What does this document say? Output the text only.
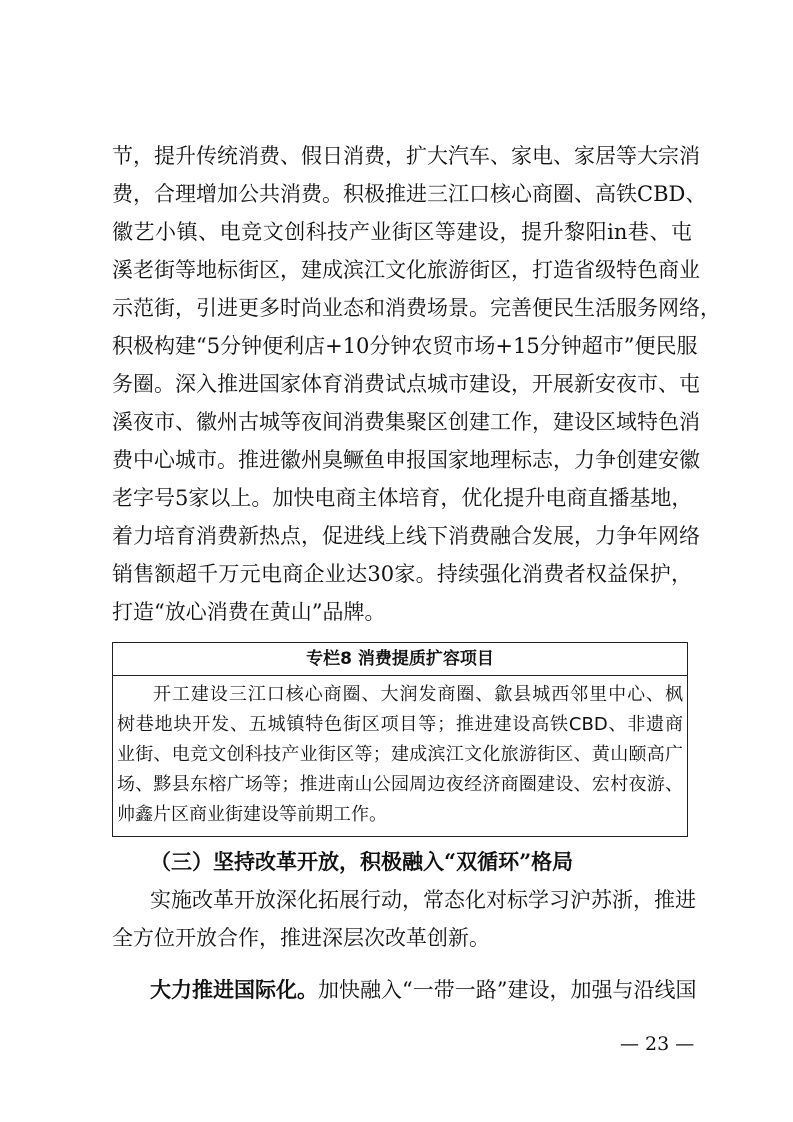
节，提升传统消费、假日消费，扩大汽车、家电、家居等大宗消
费，合理增加公共消费。积极推进三江口核心商圈、高铁CBD、
徽艺小镇、电竞文创科技产业街区等建设，提升黎阳in巷、屯
溪老街等地标街区，建成滨江文化旅游街区，打造省级特色商业
示范街，引进更多时尚业态和消费场景。完善便民生活服务网络，
积极构建“5分钟便利店+10分钟农贸市场+15分钟超市”便民服
务圈。深入推进国家体育消费试点城市建设，开展新安夜市、屯
溪夜市、徽州古城等夜间消费集聚区创建工作，建设区域特色消
费中心城市。推进徽州臭鳜鱼申报国家地理标志，力争创建安徽
老字号5家以上。加快电商主体培育，优化提升电商直播基地，
着力培育消费新热点，促进线上线下消费融合发展，力争年网络
销售额超千万元电商企业达30家。持续强化消费者权益保护，
打造“放心消费在黄山”品牌。
专栏8 消费提质扩容项目
开工建设三江口核心商圈、大润发商圈、歙县城西邻里中心、枫
树巷地块开发、五城镇特色街区项目等；推进建设高铁CBD、非遗商
业街、电竞文创科技产业街区等；建成滨江文化旅游街区、黄山颐高广
场、黟县东榕广场等；推进南山公园周边夜经济商圈建设、宏村夜游、
帅鑫片区商业街建设等前期工作。
（三）坚持改革开放，积极融入“双循环”格局
实施改革开放深化拓展行动，常态化对标学习沪苏浙，推进
全方位开放合作，推进深层次改革创新。
大力推进国际化。加快融入“一带一路”建设，加强与沿线国
— 23 —
